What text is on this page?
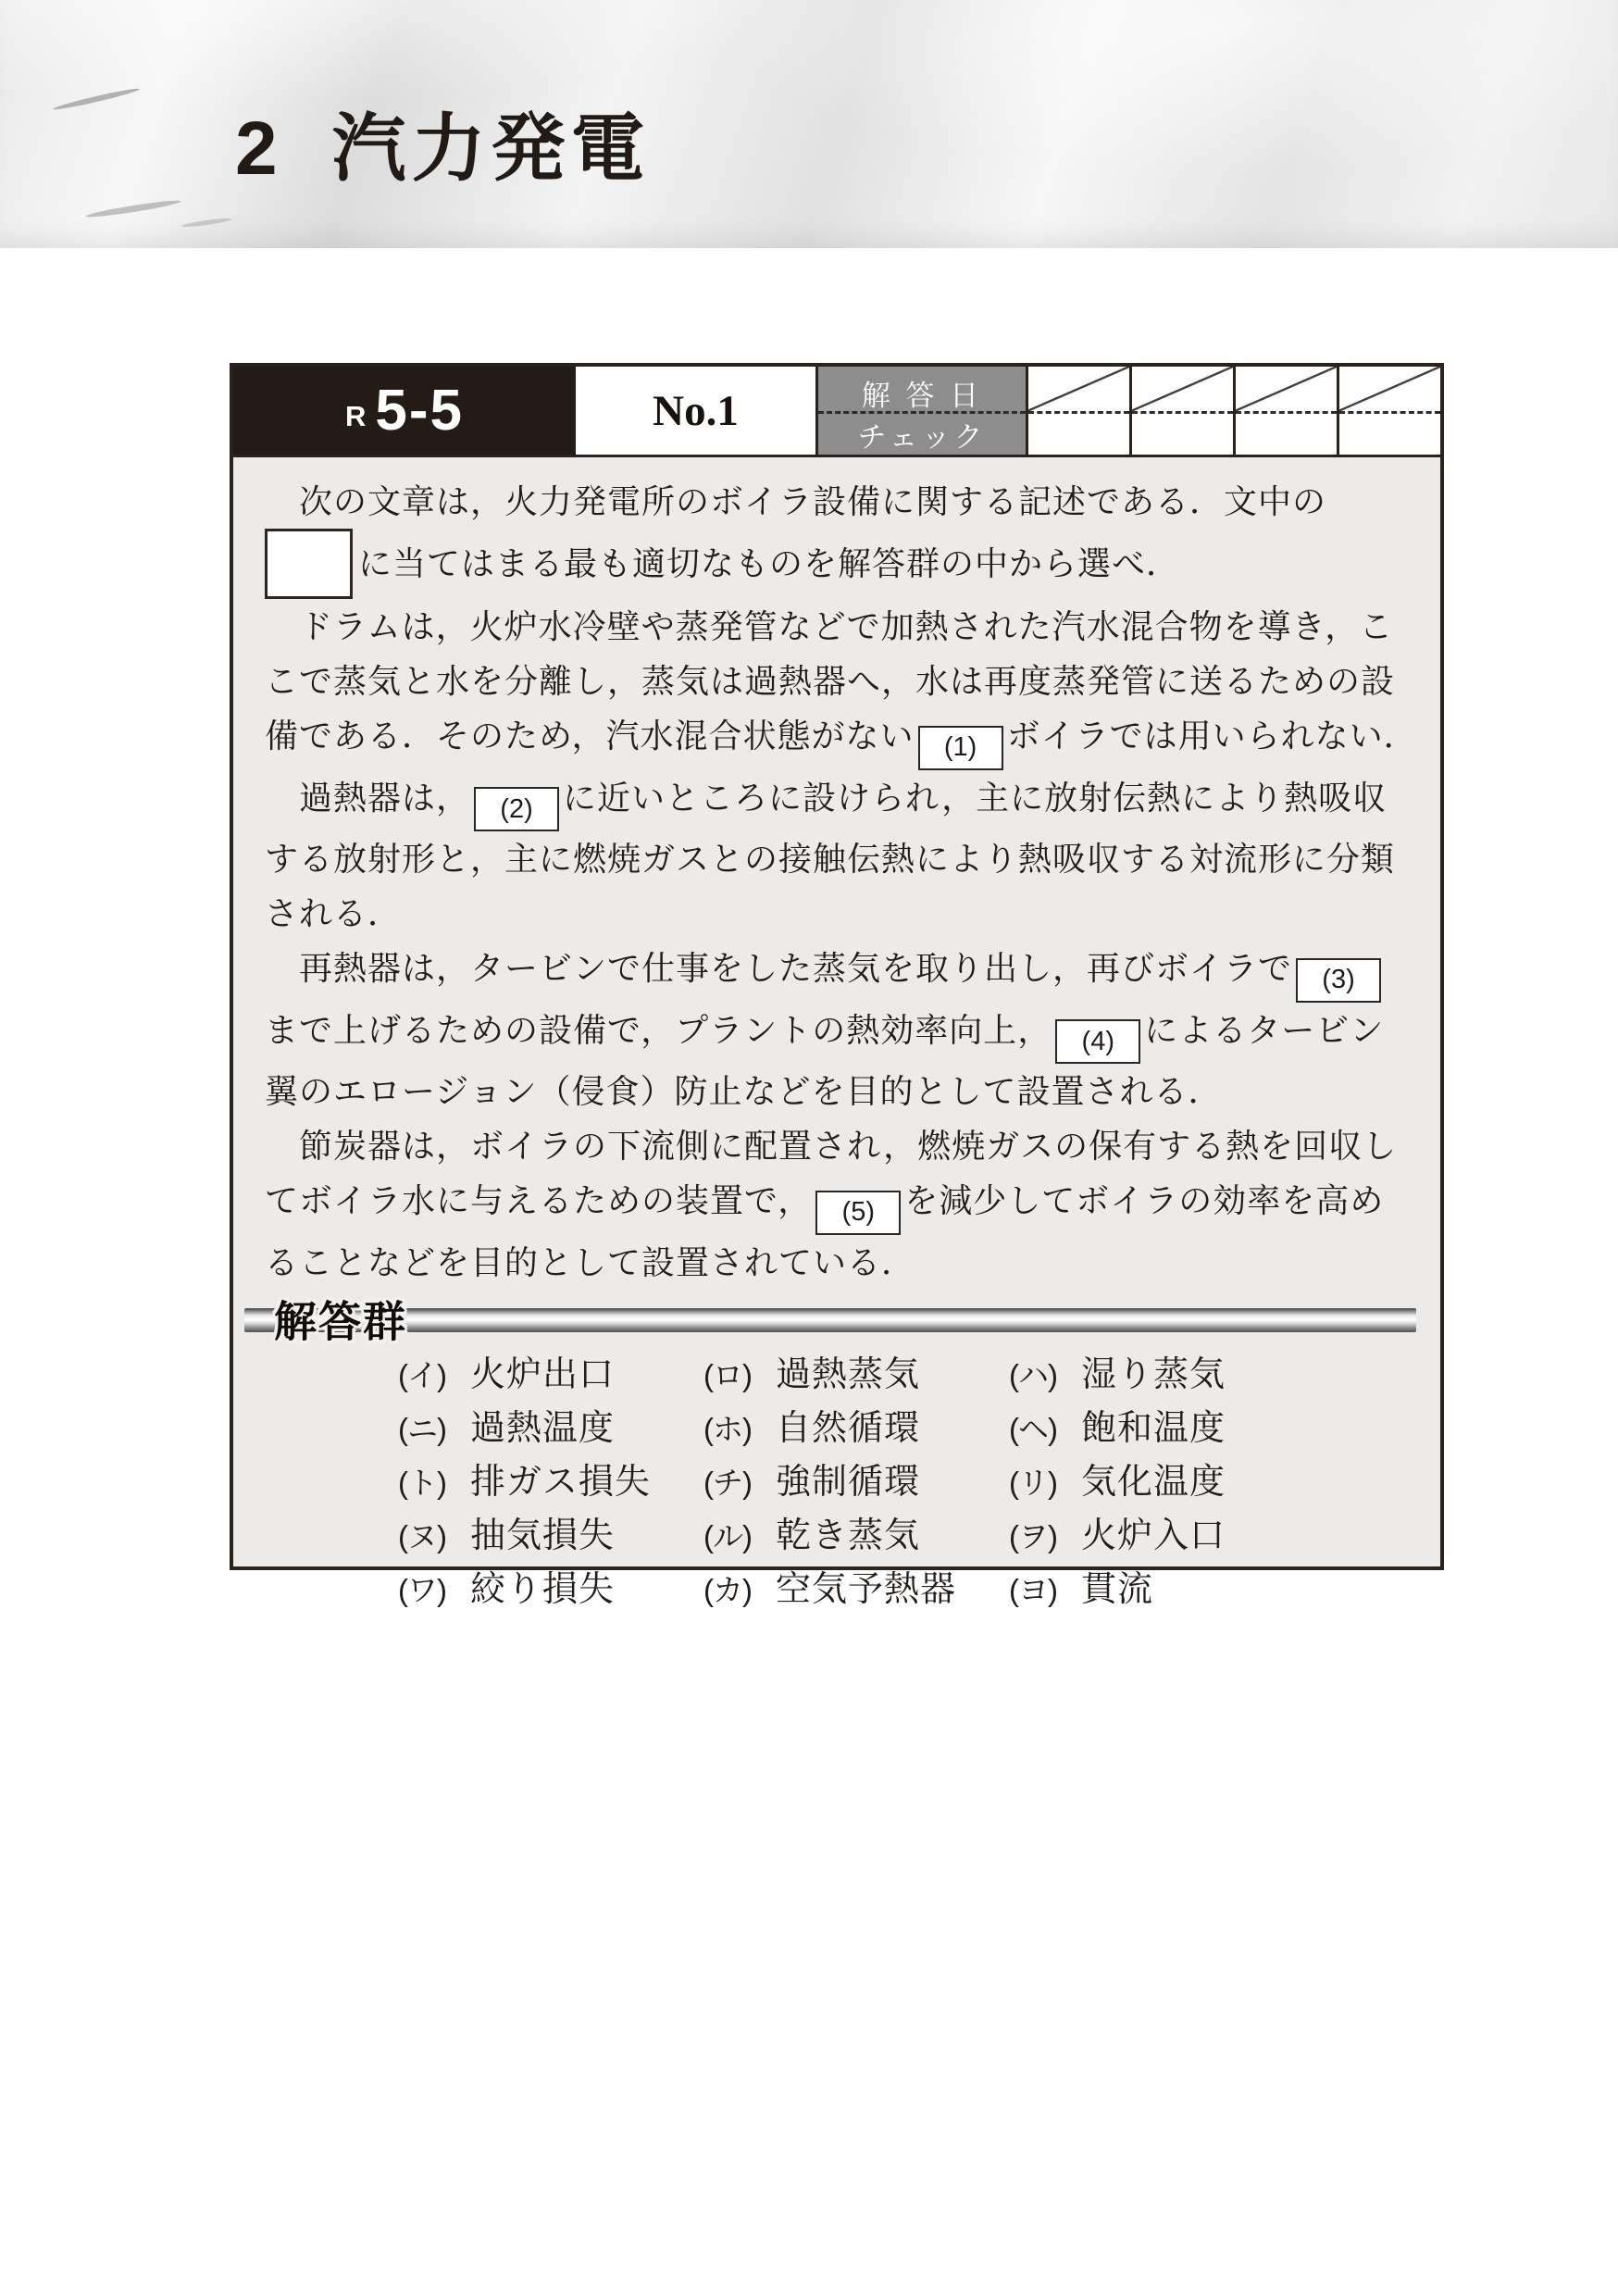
2 汽力発電
R 5-5	No.1	解 答 日
チェック
　次の文章は，火力発電所のボイラ設備に関する記述である．文中の
に当てはまる最も適切なものを解答群の中から選べ．
　ドラムは，火炉水冷壁や蒸発管などで加熱された汽水混合物を導き，こ
こで蒸気と水を分離し，蒸気は過熱器へ，水は再度蒸発管に送るための設
備である．そのため，汽水混合状態がない (1) ボイラでは用いられない．
　過熱器は， (2) に近いところに設けられ，主に放射伝熱により熱吸収
する放射形と，主に燃焼ガスとの接触伝熱により熱吸収する対流形に分類
される．
　再熱器は，タービンで仕事をした蒸気を取り出し，再びボイラで (3)
まで上げるための設備で，プラントの熱効率向上， (4) によるタービン
翼のエロージョン（侵食）防止などを目的として設置される．
　節炭器は，ボイラの下流側に配置され，燃焼ガスの保有する熱を回収し
てボイラ水に与えるための装置で， (5) を減少してボイラの効率を高め
ることなどを目的として設置されている．
解答群
(イ) 火炉出口	(ロ) 過熱蒸気	(ハ) 湿り蒸気
(ニ) 過熱温度	(ホ) 自然循環	(ヘ) 飽和温度
(ト) 排ガス損失 (チ) 強制循環	(リ) 気化温度
(ヌ) 抽気損失	(ル) 乾き蒸気	(ヲ) 火炉入口
(ワ) 絞り損失	(カ) 空気予熱器 (ヨ) 貫流
